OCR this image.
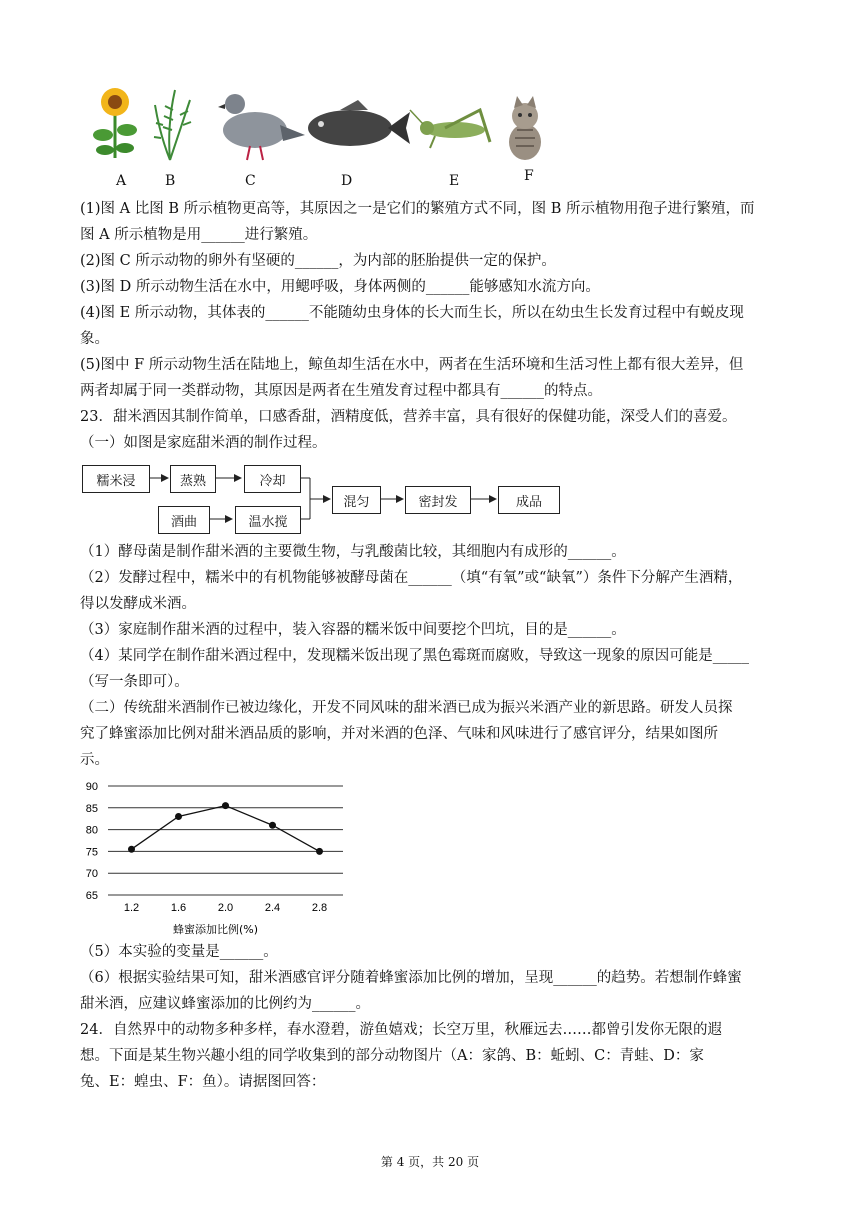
A	B	C	D	E	F
(1)图 A 比图 B 所示植物更高等，其原因之一是它们的繁殖方式不同，图 B 所示植物用孢子进行繁殖，而
图 A 所示植物是用______进行繁殖。
(2)图 C 所示动物的卵外有坚硬的______，为内部的胚胎提供一定的保护。
(3)图 D 所示动物生活在水中，用鳃呼吸，身体两侧的______能够感知水流方向。
(4)图 E 所示动物，其体表的______不能随幼虫身体的长大而生长，所以在幼虫生长发育过程中有蜕皮现
象。
(5)图中 F 所示动物生活在陆地上，鲸鱼却生活在水中，两者在生活环境和生活习性上都有很大差异，但
两者却属于同一类群动物，其原因是两者在生殖发育过程中都具有______的特点。
23．甜米酒因其制作简单，口感香甜，酒精度低，营养丰富，具有很好的保健功能，深受人们的喜爱。
（一）如图是家庭甜米酒的制作过程。
糯米浸	蒸熟	冷却
酒曲	温水搅
混匀	密封发	成品
（1）酵母菌是制作甜米酒的主要微生物，与乳酸菌比较，其细胞内有成形的______。
（2）发酵过程中，糯米中的有机物能够被酵母菌在______（填“有氧”或“缺氧”）条件下分解产生酒精，
得以发酵成米酒。
（3）家庭制作甜米酒的过程中，装入容器的糯米饭中间要挖个凹坑，目的是______。
（4）某同学在制作甜米酒过程中，发现糯米饭出现了黑色霉斑而腐败，导致这一现象的原因可能是_____
（写一条即可）。
（二）传统甜米酒制作已被边缘化，开发不同风味的甜米酒已成为振兴米酒产业的新思路。研发人员探
究了蜂蜜添加比例对甜米酒品质的影响，并对米酒的色泽、气味和风味进行了感官评分，结果如图所
示。
90
85
80
75
70
65
1.2	1.6	2.0	2.4	2.8
蜂蜜添加比例(%)
（5）本实验的变量是______。
（6）根据实验结果可知，甜米酒感官评分随着蜂蜜添加比例的增加，呈现______的趋势。若想制作蜂蜜
甜米酒，应建议蜂蜜添加的比例约为______。
24．自然界中的动物多种多样，春水澄碧，游鱼嬉戏；长空万里，秋雁远去……都曾引发你无限的遐
想。下面是某生物兴趣小组的同学收集到的部分动物图片（A：家鸽、B：蚯蚓、C：青蛙、D：家
兔、E：蝗虫、F：鱼）。请据图回答：
第 4 页，共 20 页
